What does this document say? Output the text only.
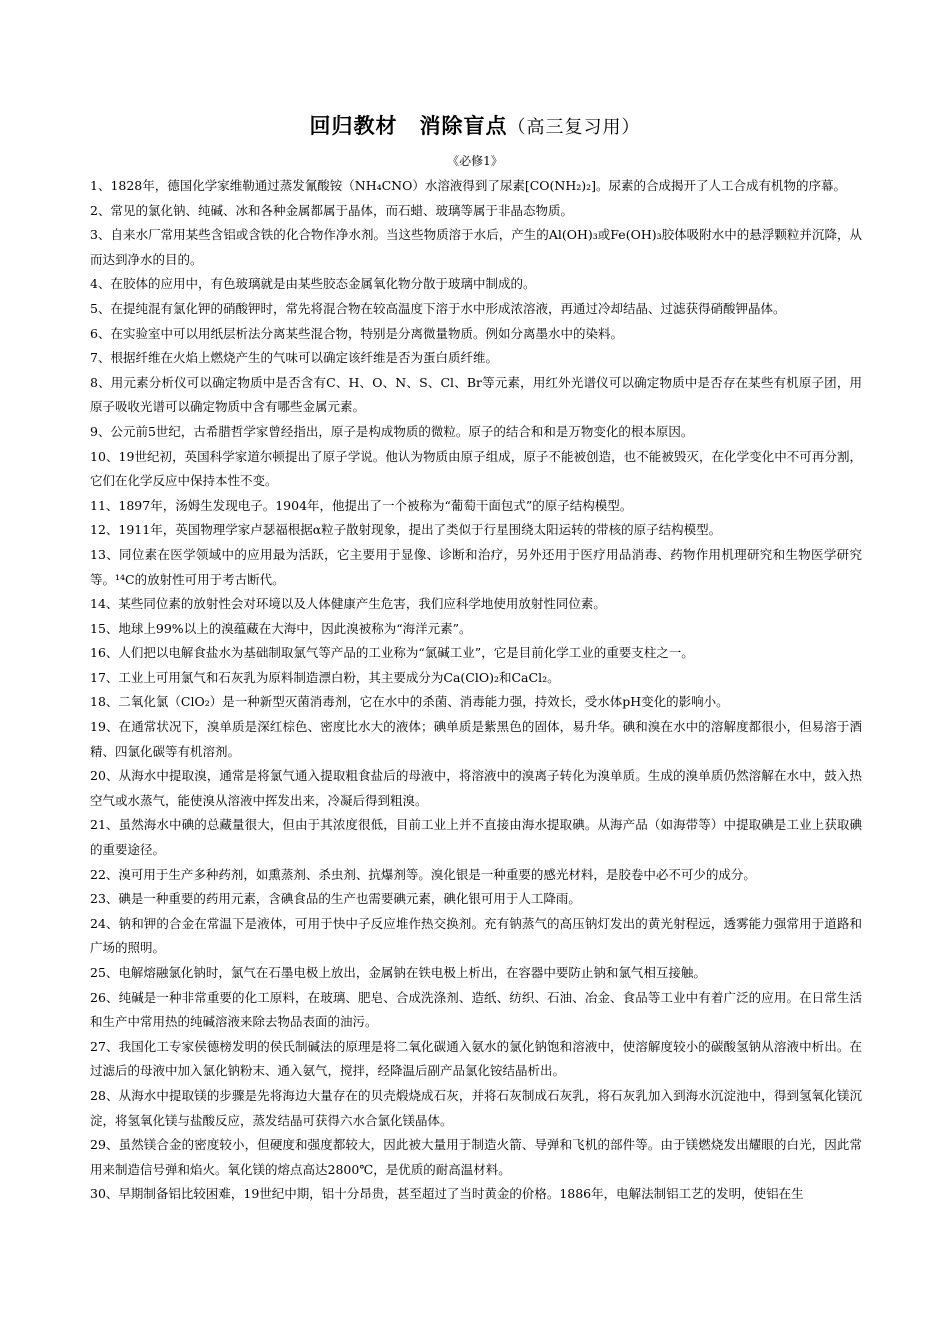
回归教材　消除盲点（高三复习用）
《必修1》

1、1828年，德国化学家维勒通过蒸发氰酸铵（NH₄CNO）水溶液得到了尿素[CO(NH₂)₂]。尿素的合成揭开了人工合成有机物的序幕。

2、常见的氯化钠、纯碱、冰和各种金属都属于晶体，而石蜡、玻璃等属于非晶态物质。

3、自来水厂常用某些含铝或含铁的化合物作净水剂。当这些物质溶于水后，产生的Al(OH)₃或Fe(OH)₃胶体吸附水中的悬浮颗粒并沉降，从而达到净水的目的。

4、在胶体的应用中，有色玻璃就是由某些胶态金属氧化物分散于玻璃中制成的。

5、在提纯混有氯化钾的硝酸钾时，常先将混合物在较高温度下溶于水中形成浓溶液，再通过冷却结晶、过滤获得硝酸钾晶体。

6、在实验室中可以用纸层析法分离某些混合物，特别是分离微量物质。例如分离墨水中的染料。

7、根据纤维在火焰上燃烧产生的气味可以确定该纤维是否为蛋白质纤维。

8、用元素分析仪可以确定物质中是否含有C、H、O、N、S、Cl、Br等元素，用红外光谱仪可以确定物质中是否存在某些有机原子团，用原子吸收光谱可以确定物质中含有哪些金属元素。

9、公元前5世纪，古希腊哲学家曾经指出，原子是构成物质的微粒。原子的结合和和是万物变化的根本原因。

10、19世纪初，英国科学家道尔顿提出了原子学说。他认为物质由原子组成，原子不能被创造，也不能被毁灭，在化学变化中不可再分割，它们在化学反应中保持本性不变。

11、1897年，汤姆生发现电子。1904年，他提出了一个被称为“葡萄干面包式”的原子结构模型。

12、1911年，英国物理学家卢瑟福根据α粒子散射现象，提出了类似于行星围绕太阳运转的带核的原子结构模型。

13、同位素在医学领域中的应用最为活跃，它主要用于显像、诊断和治疗，另外还用于医疗用品消毒、药物作用机理研究和生物医学研究等。¹⁴C的放射性可用于考古断代。

14、某些同位素的放射性会对环境以及人体健康产生危害，我们应科学地使用放射性同位素。

15、地球上99%以上的溴蕴藏在大海中，因此溴被称为“海洋元素”。

16、人们把以电解食盐水为基础制取氯气等产品的工业称为“氯碱工业”，它是目前化学工业的重要支柱之一。

17、工业上可用氯气和石灰乳为原料制造漂白粉，其主要成分为Ca(ClO)₂和CaCl₂。

18、二氧化氯（ClO₂）是一种新型灭菌消毒剂，它在水中的杀菌、消毒能力强，持效长，受水体pH变化的影响小。

19、在通常状况下，溴单质是深红棕色、密度比水大的液体；碘单质是紫黑色的固体，易升华。碘和溴在水中的溶解度都很小，但易溶于酒精、四氯化碳等有机溶剂。

20、从海水中提取溴，通常是将氯气通入提取粗食盐后的母液中，将溶液中的溴离子转化为溴单质。生成的溴单质仍然溶解在水中，鼓入热空气或水蒸气，能使溴从溶液中挥发出来，冷凝后得到粗溴。

21、虽然海水中碘的总藏量很大，但由于其浓度很低，目前工业上并不直接由海水提取碘。从海产品（如海带等）中提取碘是工业上获取碘的重要途径。

22、溴可用于生产多种药剂，如熏蒸剂、杀虫剂、抗爆剂等。溴化银是一种重要的感光材料，是胶卷中必不可少的成分。

23、碘是一种重要的药用元素，含碘食品的生产也需要碘元素，碘化银可用于人工降雨。

24、钠和钾的合金在常温下是液体，可用于快中子反应堆作热交换剂。充有钠蒸气的高压钠灯发出的黄光射程远，透雾能力强常用于道路和广场的照明。

25、电解熔融氯化钠时，氯气在石墨电极上放出，金属钠在铁电极上析出，在容器中要防止钠和氯气相互接触。

26、纯碱是一种非常重要的化工原料，在玻璃、肥皂、合成洗涤剂、造纸、纺织、石油、冶金、食品等工业中有着广泛的应用。在日常生活和生产中常用热的纯碱溶液来除去物品表面的油污。

27、我国化工专家侯德榜发明的侯氏制碱法的原理是将二氧化碳通入氨水的氯化钠饱和溶液中，使溶解度较小的碳酸氢钠从溶液中析出。在过滤后的母液中加入氯化钠粉末、通入氨气，搅拌，经降温后副产品氯化铵结晶析出。

28、从海水中提取镁的步骤是先将海边大量存在的贝壳煅烧成石灰，并将石灰制成石灰乳，将石灰乳加入到海水沉淀池中，得到氢氧化镁沉淀，将氢氧化镁与盐酸反应，蒸发结晶可获得六水合氯化镁晶体。

29、虽然镁合金的密度较小，但硬度和强度都较大，因此被大量用于制造火箭、导弹和飞机的部件等。由于镁燃烧发出耀眼的白光，因此常用来制造信号弹和焰火。氧化镁的熔点高达2800℃，是优质的耐高温材料。

30、早期制备铝比较困难，19世纪中期，铝十分昂贵，甚至超过了当时黄金的价格。1886年，电解法制铝工艺的发明，使铝在生
